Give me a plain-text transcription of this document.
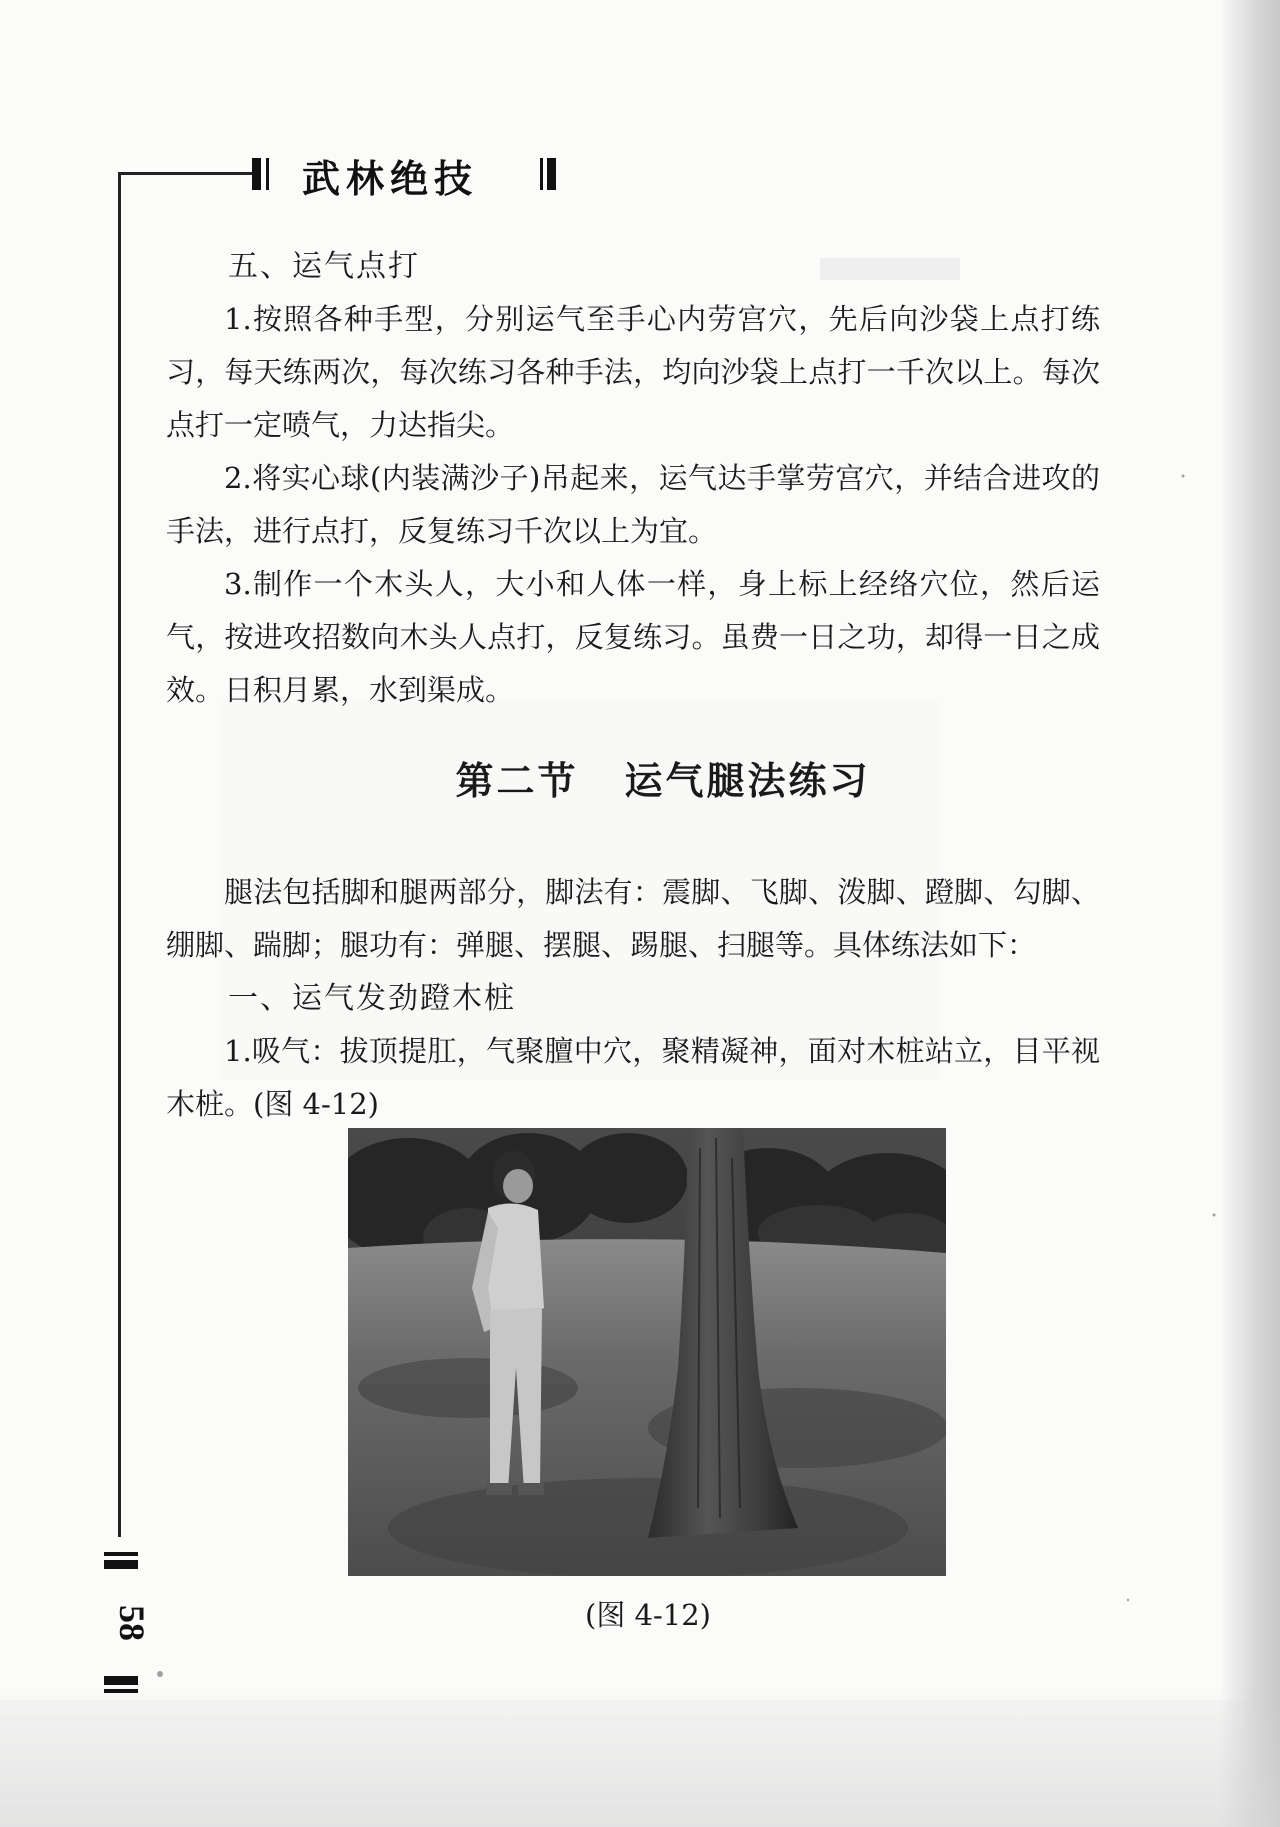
武林绝技
58
五、运气点打

1.按照各种手型，分别运气至手心内劳宫穴，先后向沙袋上点打练习，每天练两次，每次练习各种手法，均向沙袋上点打一千次以上。每次点打一定喷气，力达指尖。

2.将实心球(内装满沙子)吊起来，运气达手掌劳宫穴，并结合进攻的手法，进行点打，反复练习千次以上为宜。

3.制作一个木头人，大小和人体一样，身上标上经络穴位，然后运气，按进攻招数向木头人点打，反复练习。虽费一日之功，却得一日之成效。日积月累，水到渠成。

第二节 运气腿法练习

腿法包括脚和腿两部分，脚法有：震脚、飞脚、泼脚、蹬脚、勾脚、绷脚、踹脚；腿功有：弹腿、摆腿、踢腿、扫腿等。具体练法如下：

一、运气发劲蹬木桩

1.吸气：拔顶提肛，气聚膻中穴，聚精凝神，面对木桩站立，目平视木桩。(图 4-12)

(图 4-12)
